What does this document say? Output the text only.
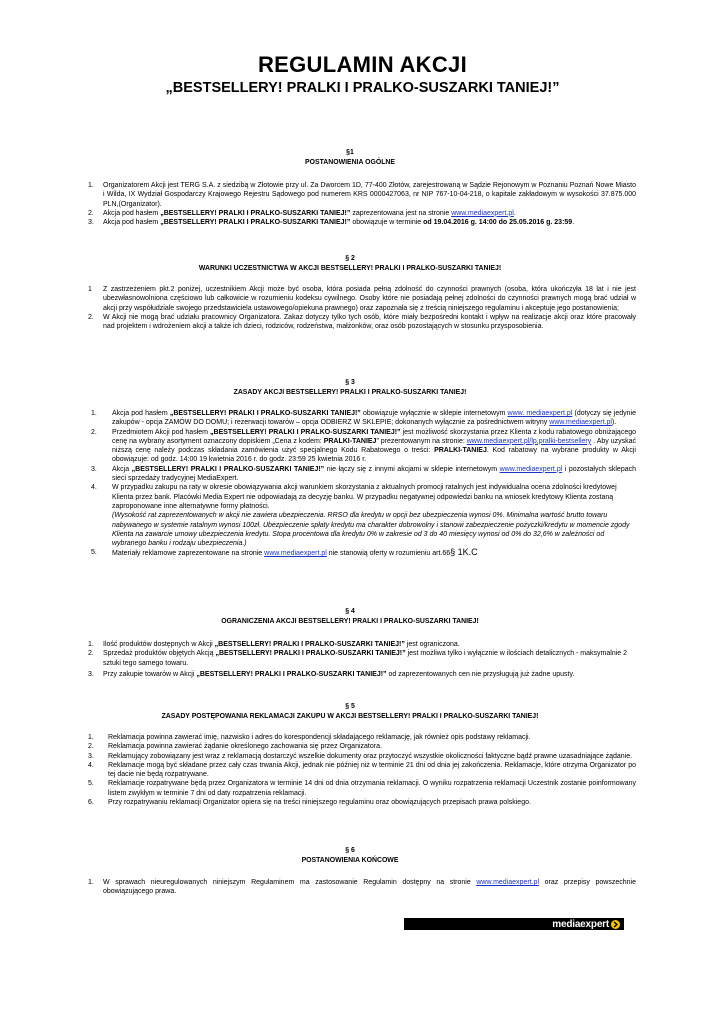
REGULAMIN AKCJI
„BESTSELLERY! PRALKI I PRALKO-SUSZARKI TANIEJ!”
§1
POSTANOWIENIA OGÓLNE
1. Organizatorem Akcji jest TERG S.A. z siedzibą w Złotowie przy ul. Za Dworcem 1D, 77-400 Złotów, zarejestrowaną w Sądzie Rejonowym w Poznaniu Poznań Nowe Miasto i Wilda, IX Wydział Gospodarczy Krajowego Rejestru Sądowego pod numerem KRS 0000427063, nr NIP 767-10-04-218, o kapitale zakładowym w wysokości 37.875.000 PLN,(Organizator).
2. Akcja pod hasłem „BESTSELLERY! PRALKI I PRALKO-SUSZARKI TANIEJ!” zaprezentowana jest na stronie www.mediaexpert.pl.
3. Akcja pod hasłem „BESTSELLERY! PRALKI I PRALKO-SUSZARKI TANIEJ!” obowiązuje w terminie od 19.04.2016 g. 14:00 do 25.05.2016 g. 23:59.
§ 2
WARUNKI UCZESTNICTWA W AKCJI BESTSELLERY! PRALKI I PRALKO-SUSZARKI TANIEJ!
1 Z zastrzeżeniem pkt.2 poniżej, uczestnikiem Akcji może być osoba, która posiada pełną zdolność do czynności prawnych (osoba, która ukończyła 18 lat i nie jest ubezwłasnowolniona częściowo lub całkowicie w rozumieniu kodeksu cywilnego. Osoby które nie posiadają pełnej zdolności do czynności prawnych mogą brać udział w akcji przy współudziale swojego przedstawiciela ustawowego/opiekuna prawnego) oraz zapoznała się z treścią niniejszego regulaminu i akceptuje jego postanowienia;
2. W Akcji nie mogą brać udziału pracownicy Organizatora. Zakaz dotyczy tylko tych osób, które miały bezpośredni kontakt i wpływ na realizacje akcji oraz które pracowały nad projektem i wdrożeniem akcji a także ich dzieci, rodziców, rodzeństwa, małżonków, oraz osób pozostających w stosunku przysposobienia.
§ 3
ZASADY AKCJI BESTSELLERY! PRALKI I PRALKO-SUSZARKI TANIEJ!
1. Akcja pod hasłem „BESTSELLERY! PRALKI I PRALKO-SUSZARKI TANIEJ!” obowiązuje wyłącznie w sklepie internetowym www. mediaexpert.pl (dotyczy się jedynie zakupów - opcja ZAMÓW DO DOMU; i rezerwacji towarów – opcja ODBIERZ W SKLEPIE; dokonanych wyłącznie za pośrednictwem witryny www.mediaexpert.pl).
2. Przedmiotem Akcji pod hasłem „BESTSELLERY! PRALKI I PRALKO-SUSZARKI TANIEJ!” jest możliwość skorzystania przez Klienta z kodu rabatowego obniżającego cenę na wybrany asortyment oznaczony dopiskiem „Cena z kodem: PRALKI-TANIEJ” prezentowanym na stronie: www.mediaexpert.pl/lp,pralki-bestsellery . Aby uzyskać niższą cenę należy podczas składania zamówienia użyć specjalnego Kodu Rabatowego o treści: PRALKI-TANIEJ. Kod rabatowy na wybrane produkty w Akcji obowiązuje: od godz. 14:00 19 kwietnia 2016 r. do godz. 23:59 25 kwietnia 2016 r.
3. Akcja „BESTSELLERY! PRALKI I PRALKO-SUSZARKI TANIEJ!” nie łączy się z innymi akcjami w sklepie internetowym www.mediaexpert.pl i pozostałych sklepach sieci sprzedaży tradycyjnej MediaExpert.
4. W przypadku zakupu na raty w okresie obowiązywania akcji warunkiem skorzystania z aktualnych promocji ratalnych jest indywidualna ocena zdolności kredytowej Klienta przez bank. Placówki Media Expert nie odpowiadają za decyzję banku. W przypadku negatywnej odpowiedzi banku na wniosek kredytowy Klienta zostaną zaproponowane inne alternatywne formy płatności.
(Wysokość rat zaprezentowanych w akcji nie zawiera ubezpieczenia. RRSO dla kredytu w opcji bez ubezpieczenia wynosi 0%. Minimalna wartość brutto towaru nabywanego w systemie ratalnym wynosi 100zł. Ubezpieczenie spłaty kredytu ma charakter dobrowolny i stanowi zabezpieczenie pożyczki/kredytu w momencie zgody Klienta na zawarcie umowy ubezpieczenia kredytu. Stopa procentowa dla kredytu 0% w zakresie od 3 do 40 miesięcy wynosi od 0% do 32,6% w zależności od wybranego banku i rodzaju ubezpieczenia.)
5. Materiały reklamowe zaprezentowane na stronie www.mediaexpert.pl nie stanowią oferty w rozumieniu art.66§ 1K.C
§ 4
OGRANICZENIA AKCJI BESTSELLERY! PRALKI I PRALKO-SUSZARKI TANIEJ!
1. Ilość produktów dostępnych w Akcji „BESTSELLERY! PRALKI I PRALKO-SUSZARKI TANIEJ!” jest ograniczona.
2. Sprzedaż produktów objętych Akcją „BESTSELLERY! PRALKI I PRALKO-SUSZARKI TANIEJ!” jest możliwa tylko i wyłącznie w ilościach detalicznych - maksymalnie 2 sztuki tego samego towaru.
3. Przy zakupie towarów w Akcji „BESTSELLERY! PRALKI I PRALKO-SUSZARKI TANIEJ!” od zaprezentowanych cen nie przysługują już żadne upusty.
§ 5
ZASADY POSTĘPOWANIA REKLAMACJI ZAKUPU W AKCJI BESTSELLERY! PRALKI I PRALKO-SUSZARKI TANIEJ!
1. Reklamacja powinna zawierać imię, nazwisko i adres do korespondencji składającego reklamację, jak również opis podstawy reklamacji.
2. Reklamacja powinna zawierać żądanie określonego zachowania się przez Organizatora.
3. Reklamujący zobowiązany jest wraz z reklamacją dostarczyć wszelkie dokumenty oraz przytoczyć wszystkie okoliczności faktyczne bądź prawne uzasadniające żądanie.
4. Reklamacje mogą być składane przez cały czas trwania Akcji, jednak nie później niż w terminie 21 dni od dnia jej zakończenia. Reklamacje, które otrzyma Organizator po tej dacie nie będą rozpatrywane.
5. Reklamacje rozpatrywane będą przez Organizatora w terminie 14 dni od dnia otrzymania reklamacji. O wyniku rozpatrzenia reklamacji Uczestnik zostanie poinformowany listem zwykłym w terminie 7 dni od daty rozpatrzenia reklamacji.
6. Przy rozpatrywaniu reklamacji Organizator opiera się na treści niniejszego regulaminu oraz obowiązujących przepisach prawa polskiego.
§ 6
POSTANOWIENIA KOŃCOWE
1. W sprawach nieuregulowanych niniejszym Regulaminem ma zastosowanie Regulamin dostępny na stronie www.mediaexpert.pl oraz przepisy powszechnie obowiązującego prawa.
mediaexpert
